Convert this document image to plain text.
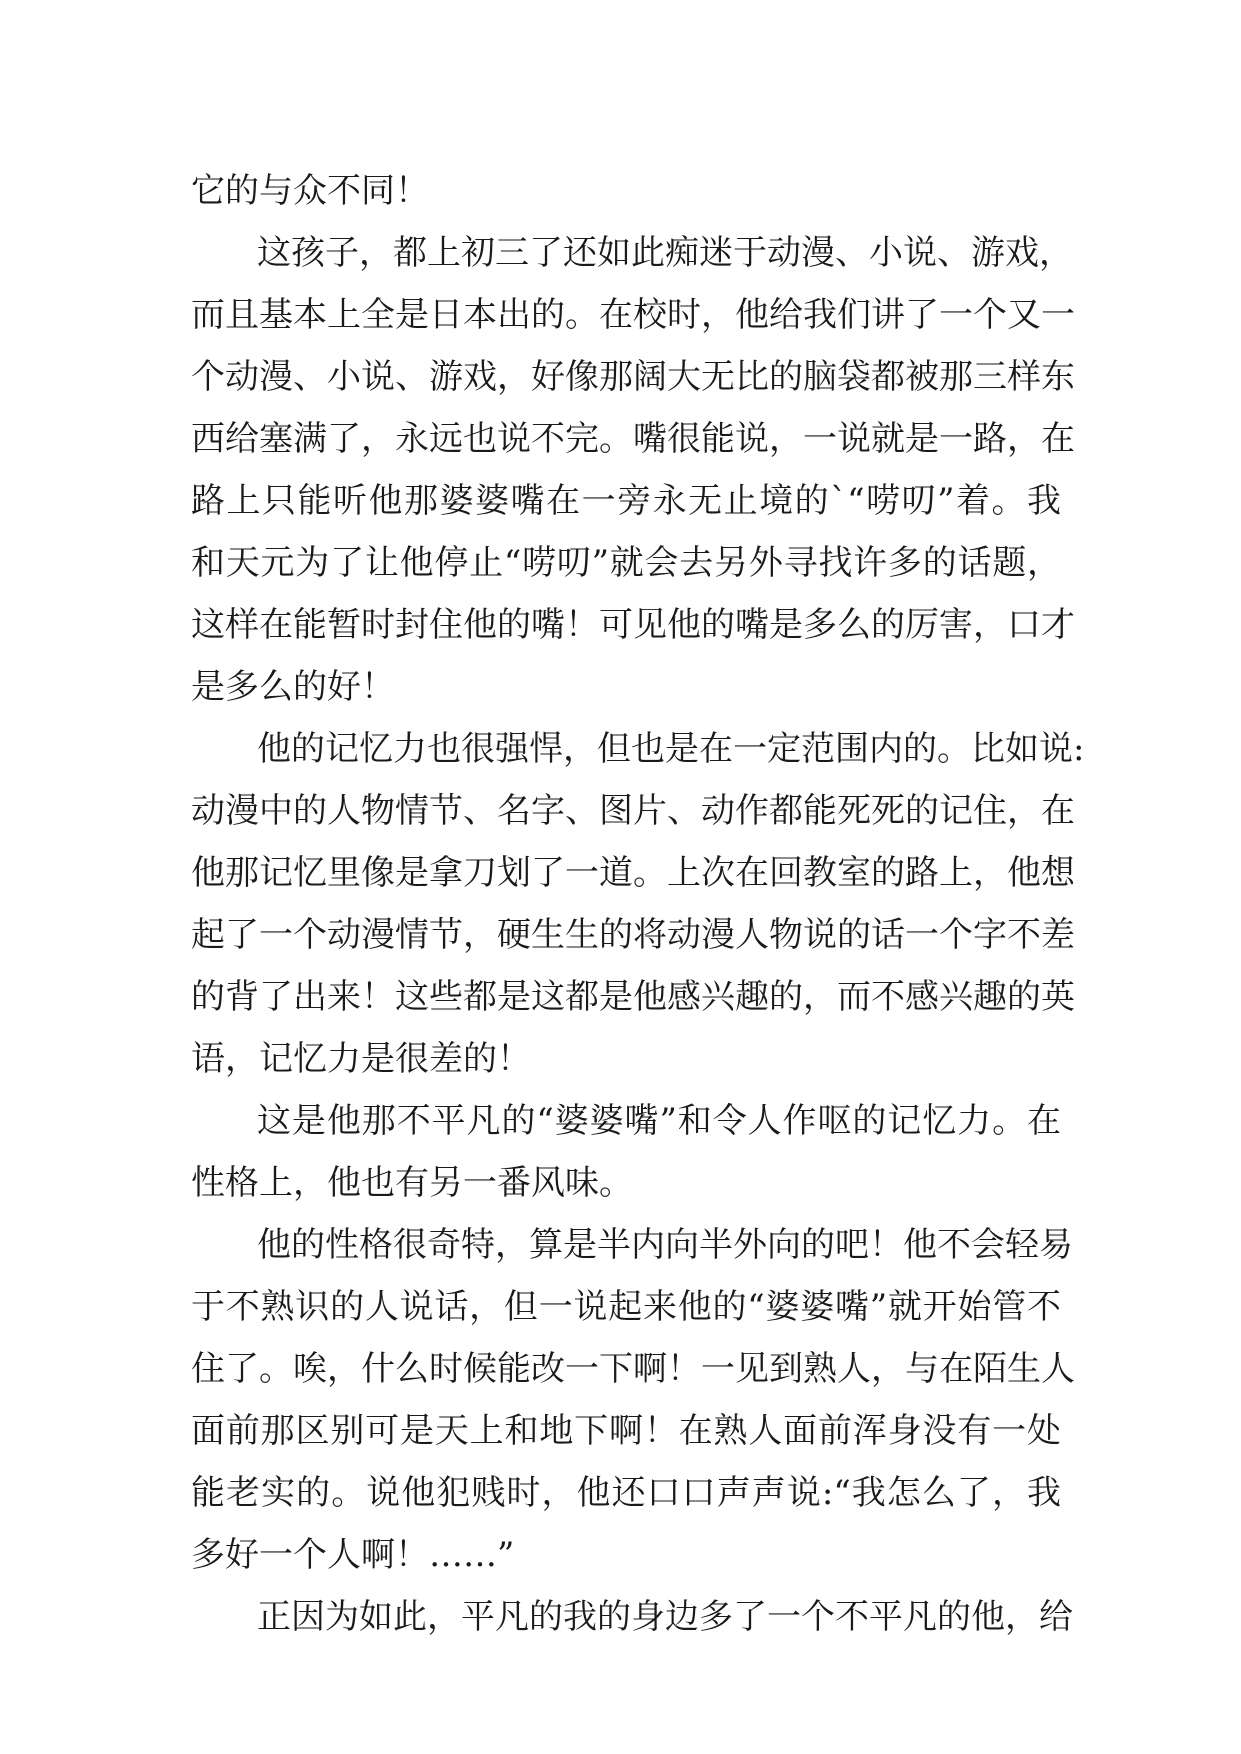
它的与众不同！
这孩子，都上初三了还如此痴迷于动漫、小说、游戏，
而且基本上全是日本出的。在校时，他给我们讲了一个又一
个动漫、小说、游戏，好像那阔大无比的脑袋都被那三样东
西给塞满了，永远也说不完。嘴很能说，一说就是一路，在
路上只能听他那婆婆嘴在一旁永无止境的`“唠叨”着。我
和天元为了让他停止“唠叨”就会去另外寻找许多的话题，
这样在能暂时封住他的嘴！可见他的嘴是多么的厉害，口才
是多么的好！
他的记忆力也很强悍，但也是在一定范围内的。比如说:
动漫中的人物情节、名字、图片、动作都能死死的记住，在
他那记忆里像是拿刀划了一道。上次在回教室的路上，他想
起了一个动漫情节，硬生生的将动漫人物说的话一个字不差
的背了出来！这些都是这都是他感兴趣的，而不感兴趣的英
语，记忆力是很差的！
这是他那不平凡的“婆婆嘴”和令人作呕的记忆力。在
性格上，他也有另一番风味。
他的性格很奇特，算是半内向半外向的吧！他不会轻易
于不熟识的人说话，但一说起来他的“婆婆嘴”就开始管不
住了。唉，什么时候能改一下啊！一见到熟人，与在陌生人
面前那区别可是天上和地下啊！在熟人面前浑身没有一处
能老实的。说他犯贱时，他还口口声声说:“我怎么了，我
多好一个人啊！……”
正因为如此，平凡的我的身边多了一个不平凡的他，给
